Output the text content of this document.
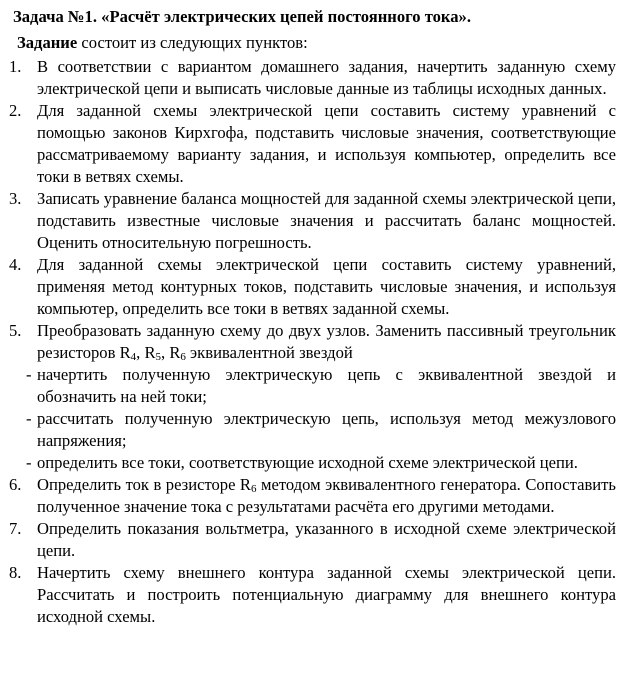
Задача №1. «Расчёт электрических цепей постоянного тока».
Задание состоит из следующих пунктов:
1. В соответствии с вариантом домашнего задания, начертить заданную схему электрической цепи и выписать числовые данные из таблицы исходных данных.
2. Для заданной схемы электрической цепи составить систему уравнений с помощью законов Кирхгофа, подставить числовые значения, соответствующие рассматриваемому варианту задания, и используя компьютер, определить все токи в ветвях схемы.
3. Записать уравнение баланса мощностей для заданной схемы электрической цепи, подставить известные числовые значения и рассчитать баланс мощностей. Оценить относительную погрешность.
4. Для заданной схемы электрической цепи составить систему уравнений, применяя метод контурных токов, подставить числовые значения, и используя компьютер, определить все токи в ветвях заданной схемы.
5. Преобразовать заданную схему до двух узлов. Заменить пассивный треугольник резисторов $R_4$, $R_5$, $R_6$ эквивалентной звездой
- начертить полученную электрическую цепь с эквивалентной звездой и обозначить на ней токи;
- рассчитать полученную электрическую цепь, используя метод межузлового напряжения;
- определить все токи, соответствующие исходной схеме электрической цепи.
6. Определить ток в резисторе $R_6$ методом эквивалентного генератора. Сопоставить полученное значение тока с результатами расчёта его другими методами.
7. Определить показания вольтметра, указанного в исходной схеме электрической цепи.
8. Начертить схему внешнего контура заданной схемы электрической цепи. Рассчитать и построить потенциальную диаграмму для внешнего контура исходной схемы.
